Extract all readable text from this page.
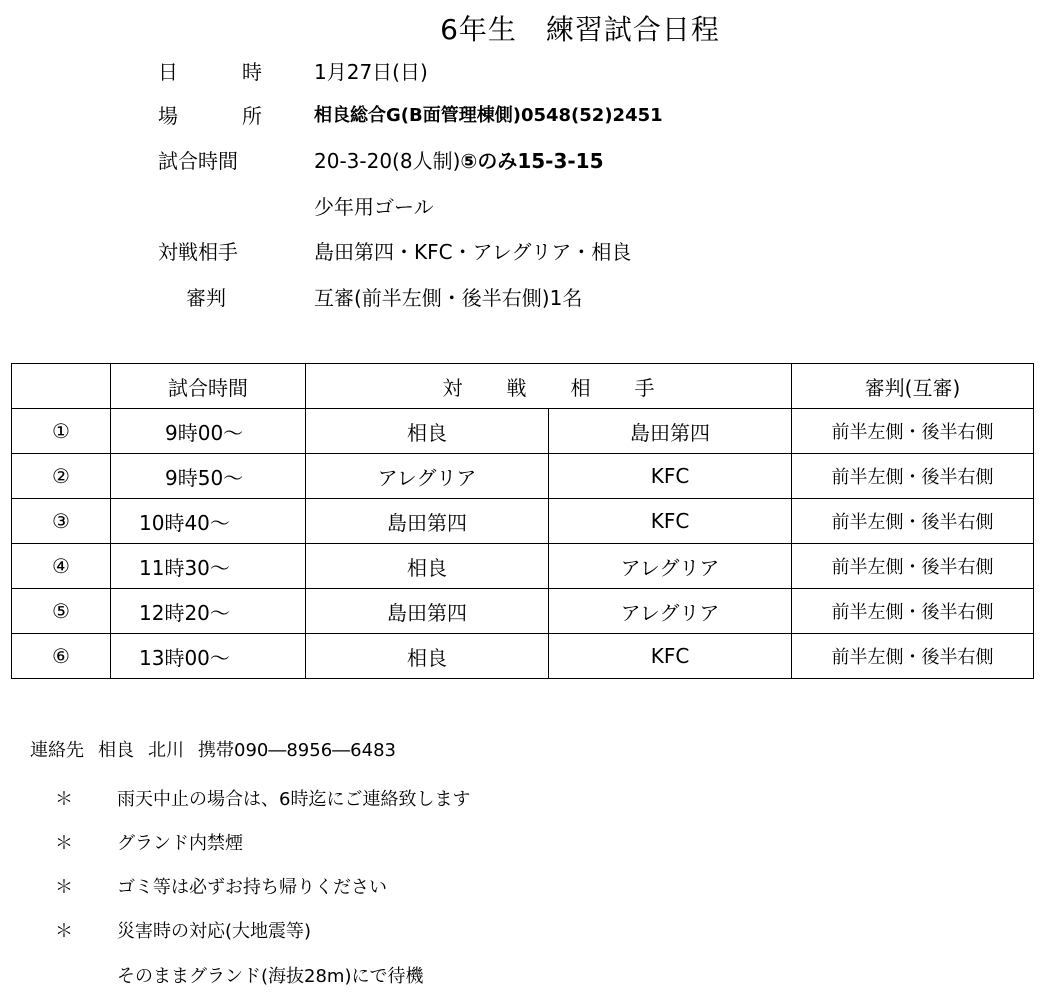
6年生　練習試合日程
日	時	1月27日(日)
場	所	相良総合G(B面管理棟側)0548(52)2451
試合時間	20-3-20(8人制)⑤のみ15-3-15
少年用ゴール
対戦相手	島田第四・KFC・アレグリア・相良
審判	互審(前半左側・後半右側)1名
	試合時間	対 戦 相 手		審判(互審)
①	9時00〜	相良	島田第四	前半左側・後半右側
②	9時50〜	アレグリア	KFC	前半左側・後半右側
③	10時40〜	島田第四	KFC	前半左側・後半右側
④	11時30〜	相良	アレグリア	前半左側・後半右側
⑤	12時20〜	島田第四	アレグリア	前半左側・後半右側
⑥	13時00〜	相良	KFC	前半左側・後半右側
連絡先 相良 北川 携帯090―8956―6483
＊ 雨天中止の場合は、6時迄にご連絡致します
＊ グランド内禁煙
＊ ゴミ等は必ずお持ち帰りください
＊ 災害時の対応(大地震等)
そのままグランド(海抜28m)にで待機
